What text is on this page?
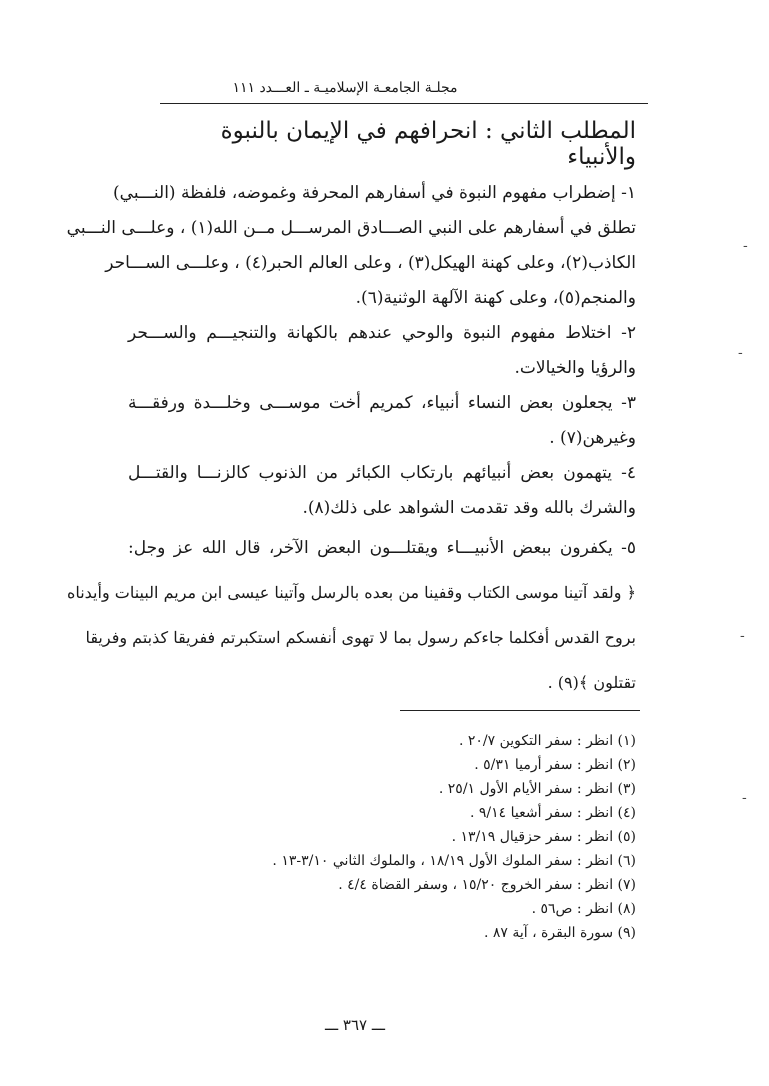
مجلـة الجامعـة الإسلاميـة ـ العـــدد ١١١
-
-
-
-
المطلب الثاني : انحرافهم في الإيمان بالنبوة والأنبياء
١- إضطراب مفهوم النبوة في أسفارهم المحرفة وغموضه، فلفظة (النـــبي)
تطلق في أسفارهم على النبي الصـــادق المرســـل مــن الله(١) ، وعلـــى النـــبي
الكاذب(٢)، وعلى كهنة الهيكل(٣) ، وعلى العالم الحبر(٤) ، وعلـــى الســـاحر
والمنجم(٥)، وعلى كهنة الآلهة الوثنية(٦).
٢- اختلاط مفهوم النبوة والوحي عندهم بالكهانة والتنجيـــم والســـحر
والرؤيا والخيالات.
٣- يجعلون بعض النساء أنبياء، كمريم أخت موســـى وخلـــدة ورفقـــة
وغيرهن(٧) .
٤- يتهمون بعض أنبيائهم بارتكاب الكبائر من الذنوب كالزنـــا والقتـــل
والشرك بالله وقد تقدمت الشواهد على ذلك(٨).
٥- يكفرون ببعض الأنبيـــاء ويقتلـــون البعض الآخر، قال الله عز وجل:
﴿ ولقد آتينا موسى الكتاب وقفينا من بعده بالرسل وآتينا عيسى ابن مريم البينات وأيدناه
بروح القدس أفكلما جاءكم رسول بما لا تهوى أنفسكم استكبرتم ففريقا كذبتم وفريقا
تقتلون ﴾(٩) .
(١) انظر : سفر التكوين ٢٠/٧ .
(٢) انظر : سفر أرميا ٥/٣١ .
(٣) انظر : سفر الأيام الأول ٢٥/١ .
(٤) انظر : سفر أشعيا ٩/١٤ .
(٥) انظر : سفر حزقيال ١٣/١٩ .
(٦) انظر : سفر الملوك الأول ١٨/١٩ ، والملوك الثاني ٣/١٠-١٣ .
(٧) انظر : سفر الخروج ١٥/٢٠ ، وسفر القضاة ٤/٤ .
(٨) انظر : ص٥٦ .
(٩) سورة البقرة ، آية ٨٧ .
ـــ ٣٦٧ ـــ
